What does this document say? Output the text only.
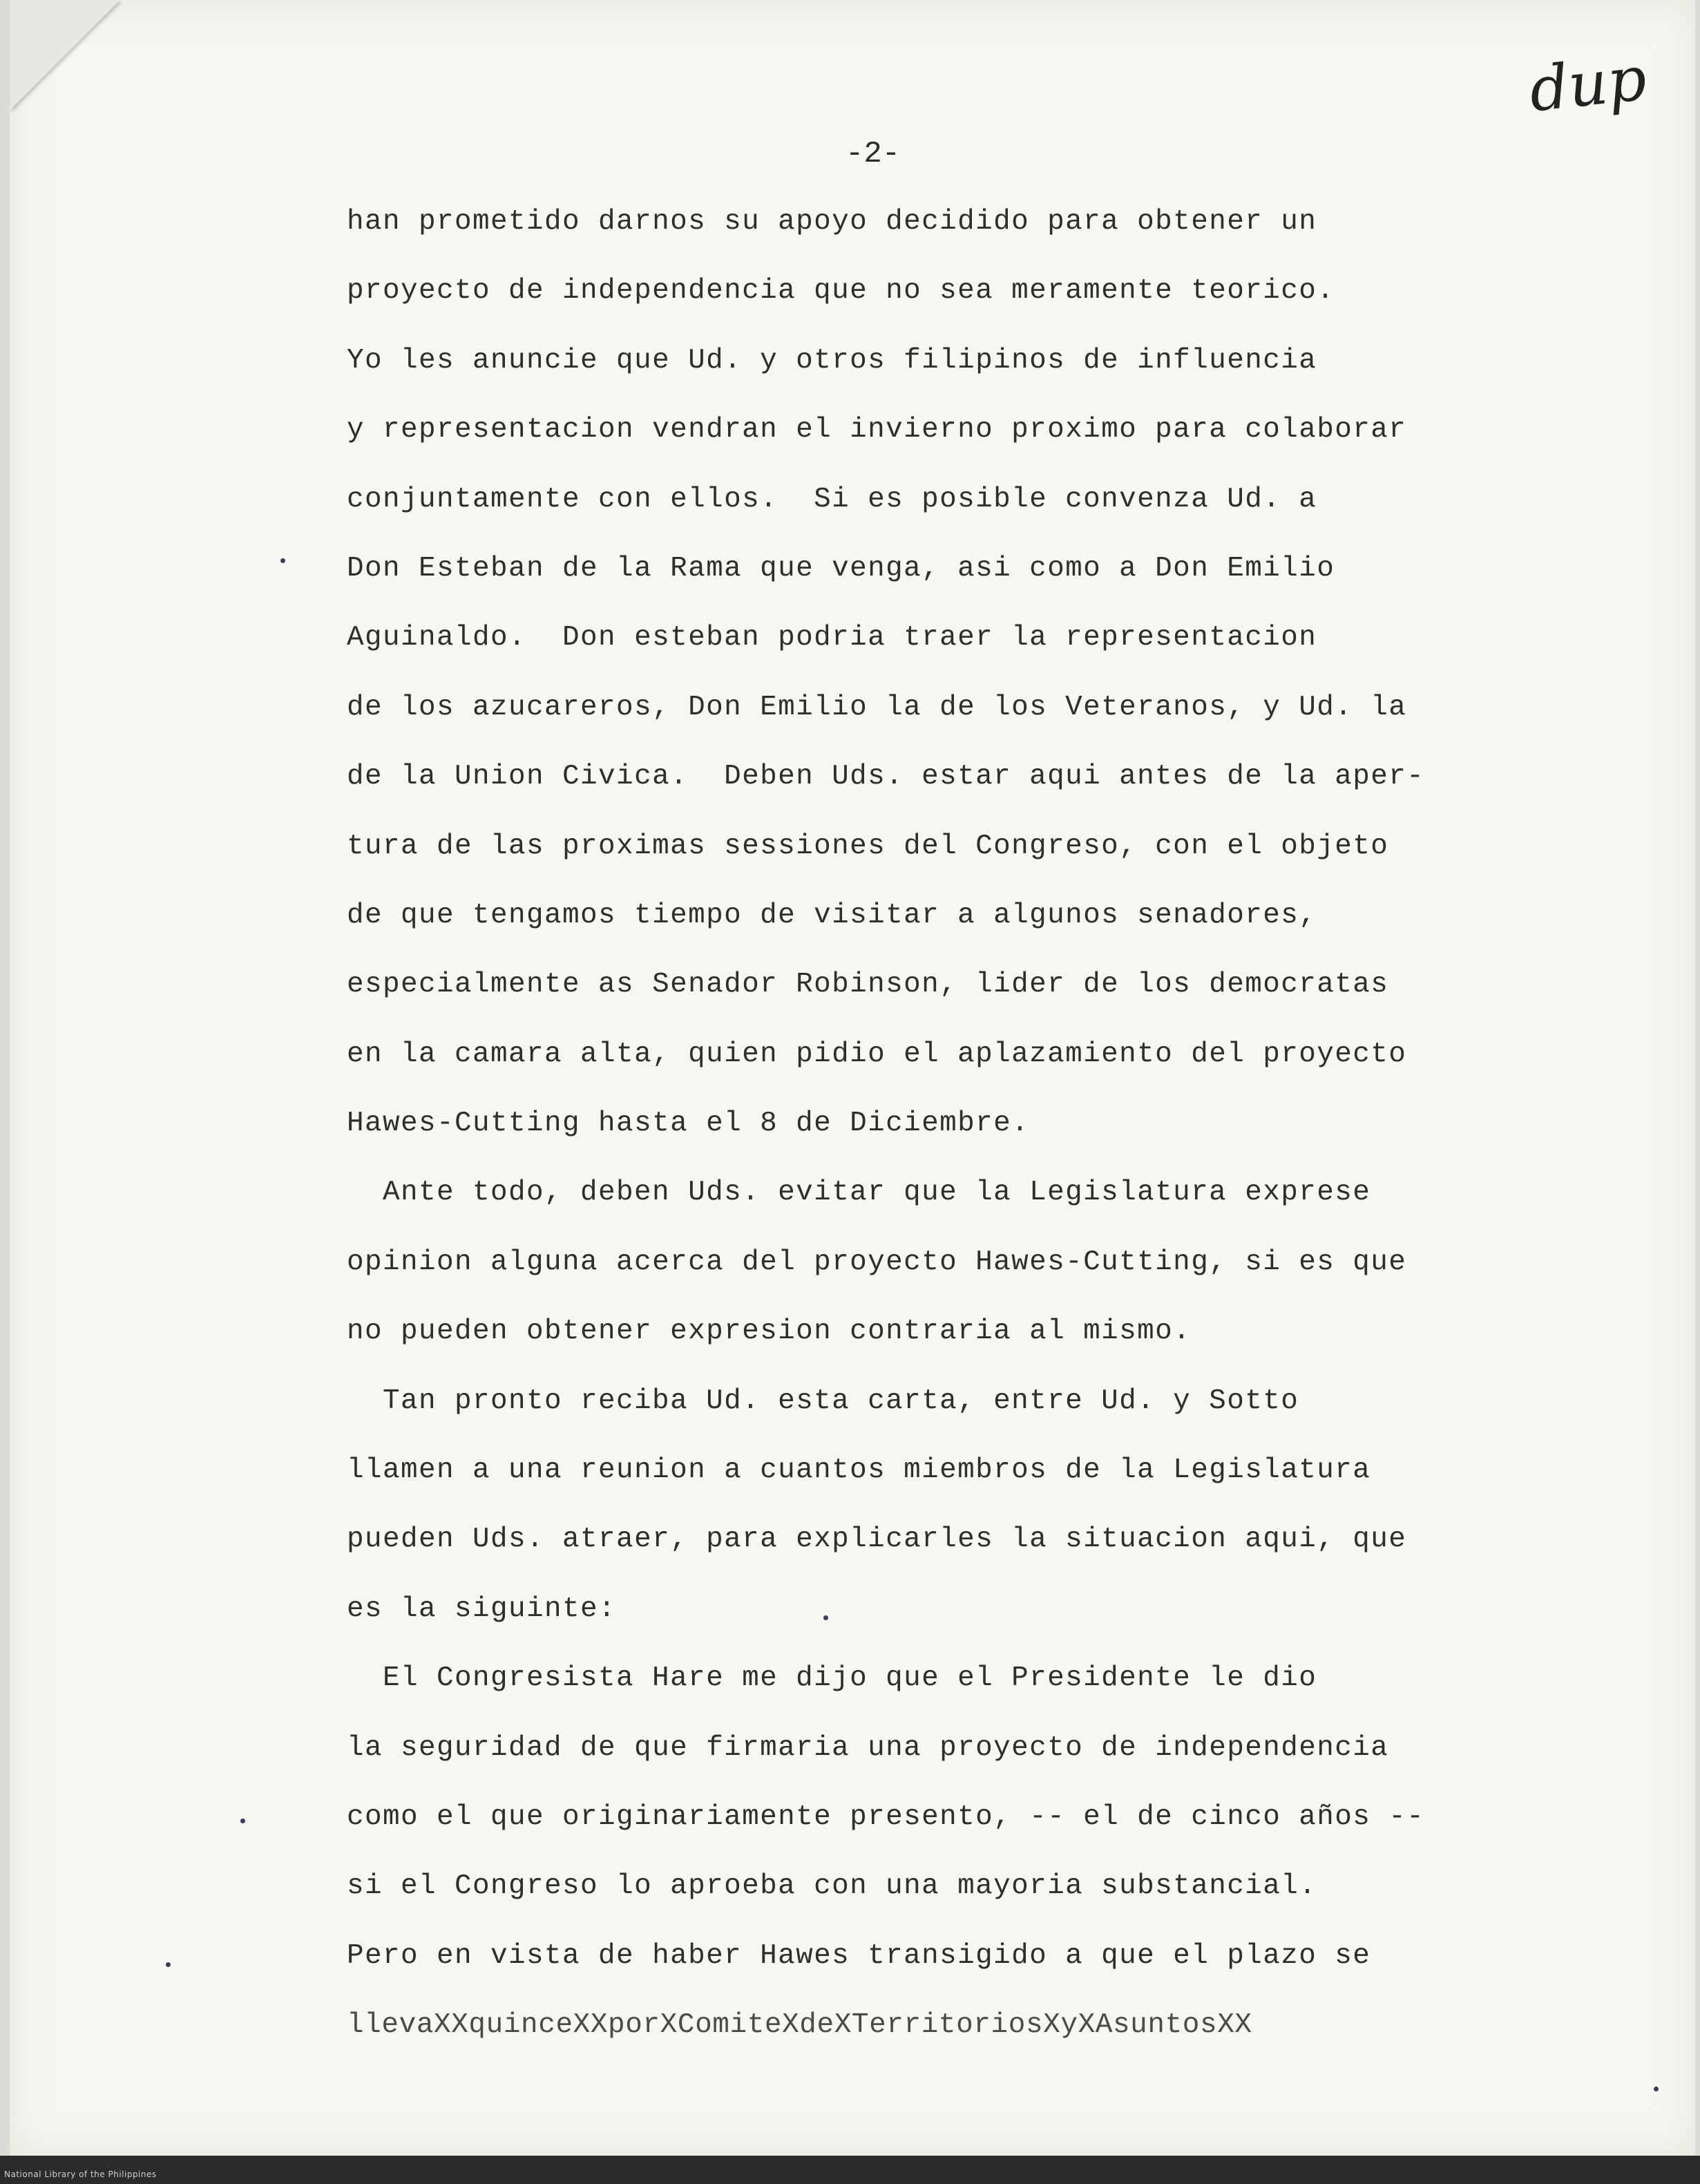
dup
-2-
han prometido darnos su apoyo decidido para obtener un
proyecto de independencia que no sea meramente teorico.
Yo les anuncie que Ud. y otros filipinos de influencia
y representacion vendran el invierno proximo para colaborar
conjuntamente con ellos.  Si es posible convenza Ud. a
Don Esteban de la Rama que venga, asi como a Don Emilio
Aguinaldo.  Don esteban podria traer la representacion
de los azucareros, Don Emilio la de los Veteranos, y Ud. la
de la Union Civica.  Deben Uds. estar aqui antes de la aper-
tura de las proximas sessiones del Congreso, con el objeto
de que tengamos tiempo de visitar a algunos senadores,
especialmente as Senador Robinson, lider de los democratas
en la camara alta, quien pidio el aplazamiento del proyecto
Hawes-Cutting hasta el 8 de Diciembre.
Ante todo, deben Uds. evitar que la Legislatura exprese
opinion alguna acerca del proyecto Hawes-Cutting, si es que
no pueden obtener expresion contraria al mismo.
Tan pronto reciba Ud. esta carta, entre Ud. y Sotto
llamen a una reunion a cuantos miembros de la Legislatura
pueden Uds. atraer, para explicarles la situacion aqui, que
es la siguinte:
El Congresista Hare me dijo que el Presidente le dio
la seguridad de que firmaria una proyecto de independencia
como el que originariamente presento, -- el de cinco años --
si el Congreso lo aproeba con una mayoria substancial.
Pero en vista de haber Hawes transigido a que el plazo se
llevaXXquinceXXporXComiteXdeXTerritoriosXyXAsuntosXX
National Library of the Philippines
